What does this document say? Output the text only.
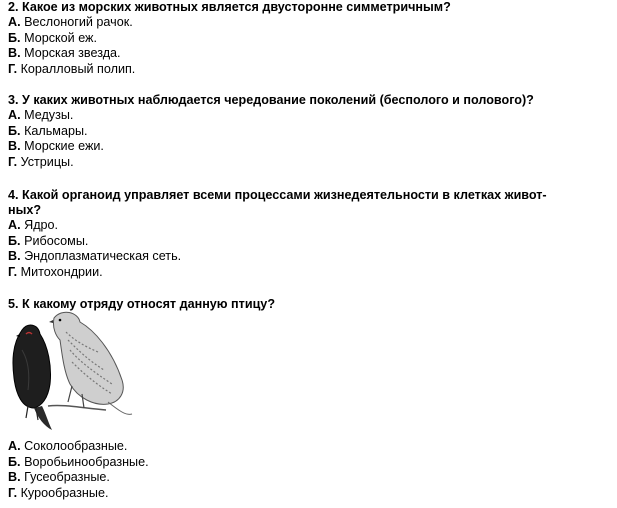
2. Какое из морских животных является двусторонне симметричным?
А. Веслоногий рачок.
Б. Морской еж.
В. Морская звезда.
Г. Коралловый полип.
3. У каких животных наблюдается чередование поколений (бесполого и полового)?
А. Медузы.
Б. Кальмары.
В. Морские ежи.
Г. Устрицы.
4. Какой органоид управляет всеми процессами жизнедеятельности в клетках живот-
ных?
А. Ядро.
Б. Рибосомы.
В. Эндоплазматическая сеть.
Г. Митохондрии.
5. К какому отряду относят данную птицу?
А. Соколообразные.
Б. Воробьинообразные.
В. Гусеобразные.
Г. Курообразные.
